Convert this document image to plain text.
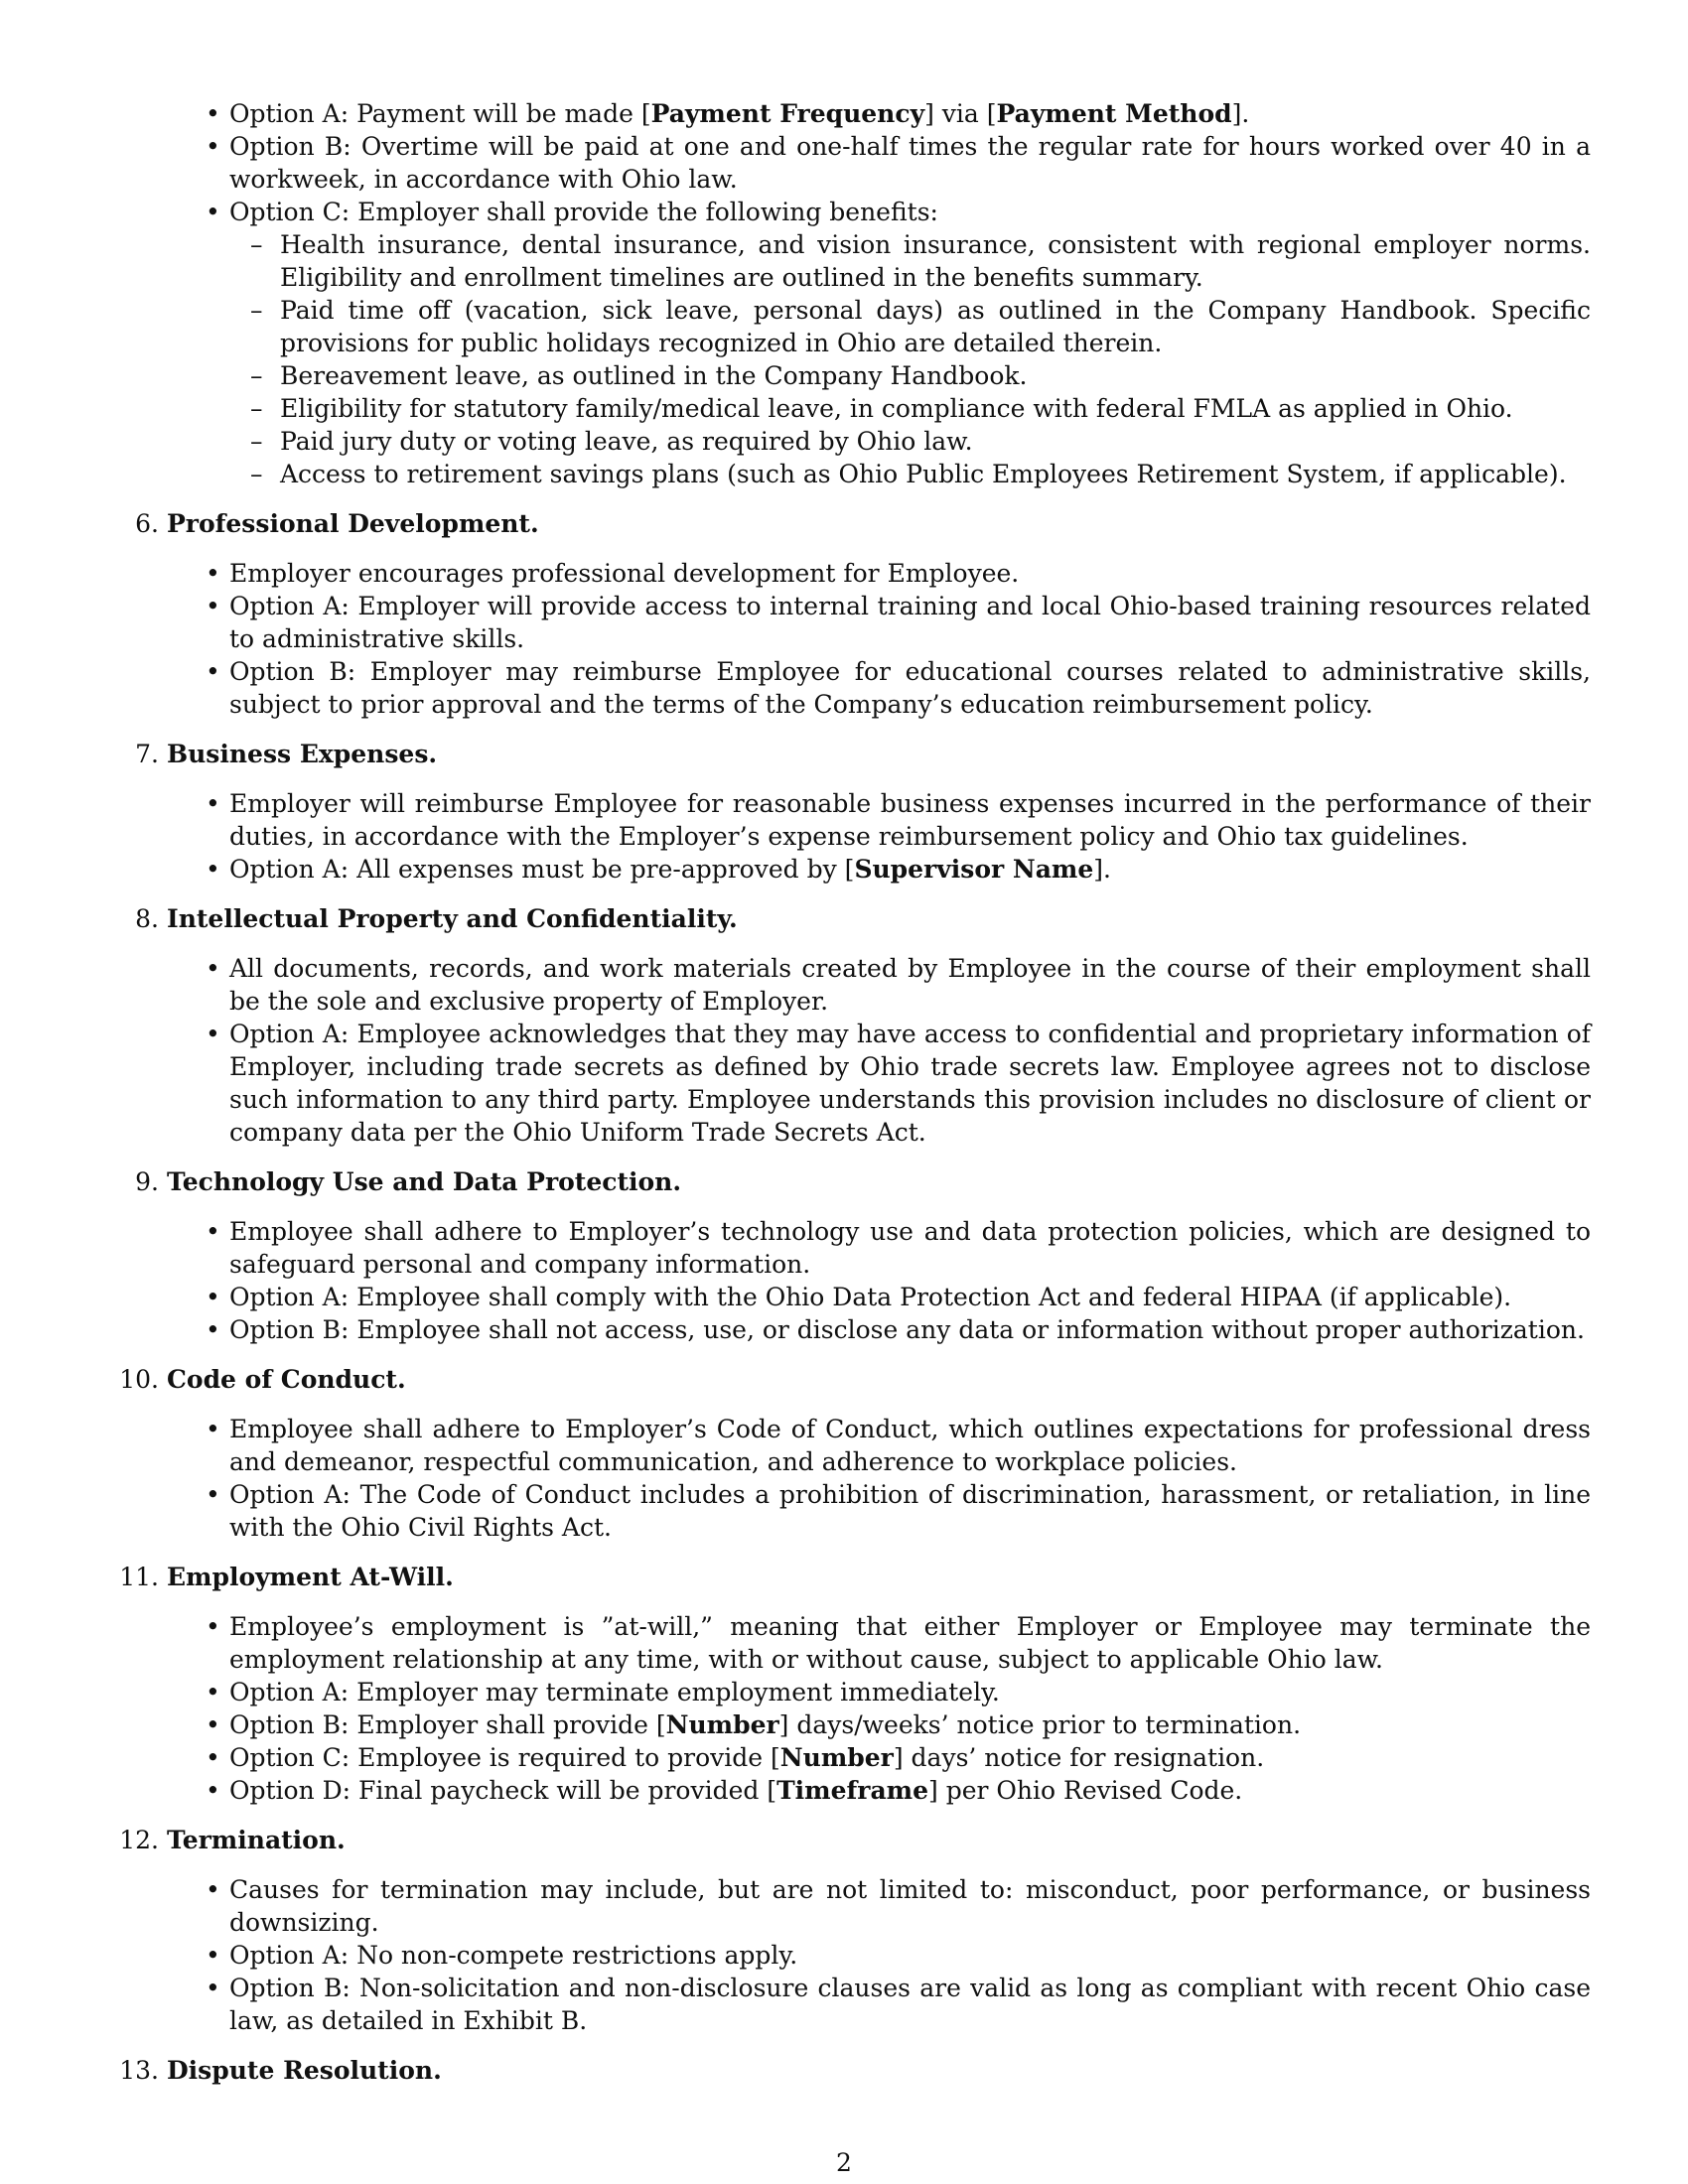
• Option A: Payment will be made [Payment Frequency] via [Payment Method].
• Option B: Overtime will be paid at one and one-half times the regular rate for hours worked over 40 in a workweek, in accordance with Ohio law.
• Option C: Employer shall provide the following benefits:
– Health insurance, dental insurance, and vision insurance, consistent with regional employer norms. Eligibility and enrollment timelines are outlined in the benefits summary.
– Paid time off (vacation, sick leave, personal days) as outlined in the Company Handbook. Specific provisions for public holidays recognized in Ohio are detailed therein.
– Bereavement leave, as outlined in the Company Handbook.
– Eligibility for statutory family/medical leave, in compliance with federal FMLA as applied in Ohio.
– Paid jury duty or voting leave, as required by Ohio law.
– Access to retirement savings plans (such as Ohio Public Employees Retirement System, if applicable).
6. Professional Development.
• Employer encourages professional development for Employee.
• Option A: Employer will provide access to internal training and local Ohio-based training resources related to administrative skills.
• Option B: Employer may reimburse Employee for educational courses related to administrative skills, subject to prior approval and the terms of the Company’s education reimbursement policy.
7. Business Expenses.
• Employer will reimburse Employee for reasonable business expenses incurred in the performance of their duties, in accordance with the Employer’s expense reimbursement policy and Ohio tax guidelines.
• Option A: All expenses must be pre-approved by [Supervisor Name].
8. Intellectual Property and Confidentiality.
• All documents, records, and work materials created by Employee in the course of their employment shall be the sole and exclusive property of Employer.
• Option A: Employee acknowledges that they may have access to confidential and proprietary information of Employer, including trade secrets as defined by Ohio trade secrets law. Employee agrees not to disclose such information to any third party. Employee understands this provision includes no disclosure of client or company data per the Ohio Uniform Trade Secrets Act.
9. Technology Use and Data Protection.
• Employee shall adhere to Employer’s technology use and data protection policies, which are designed to safeguard personal and company information.
• Option A: Employee shall comply with the Ohio Data Protection Act and federal HIPAA (if applicable).
• Option B: Employee shall not access, use, or disclose any data or information without proper authorization.
10. Code of Conduct.
• Employee shall adhere to Employer’s Code of Conduct, which outlines expectations for professional dress and demeanor, respectful communication, and adherence to workplace policies.
• Option A: The Code of Conduct includes a prohibition of discrimination, harassment, or retaliation, in line with the Ohio Civil Rights Act.
11. Employment At-Will.
• Employee’s employment is ”at-will,” meaning that either Employer or Employee may terminate the employment relationship at any time, with or without cause, subject to applicable Ohio law.
• Option A: Employer may terminate employment immediately.
• Option B: Employer shall provide [Number] days/weeks’ notice prior to termination.
• Option C: Employee is required to provide [Number] days’ notice for resignation.
• Option D: Final paycheck will be provided [Timeframe] per Ohio Revised Code.
12. Termination.
• Causes for termination may include, but are not limited to: misconduct, poor performance, or business downsizing.
• Option A: No non-compete restrictions apply.
• Option B: Non-solicitation and non-disclosure clauses are valid as long as compliant with recent Ohio case law, as detailed in Exhibit B.
13. Dispute Resolution.
2
